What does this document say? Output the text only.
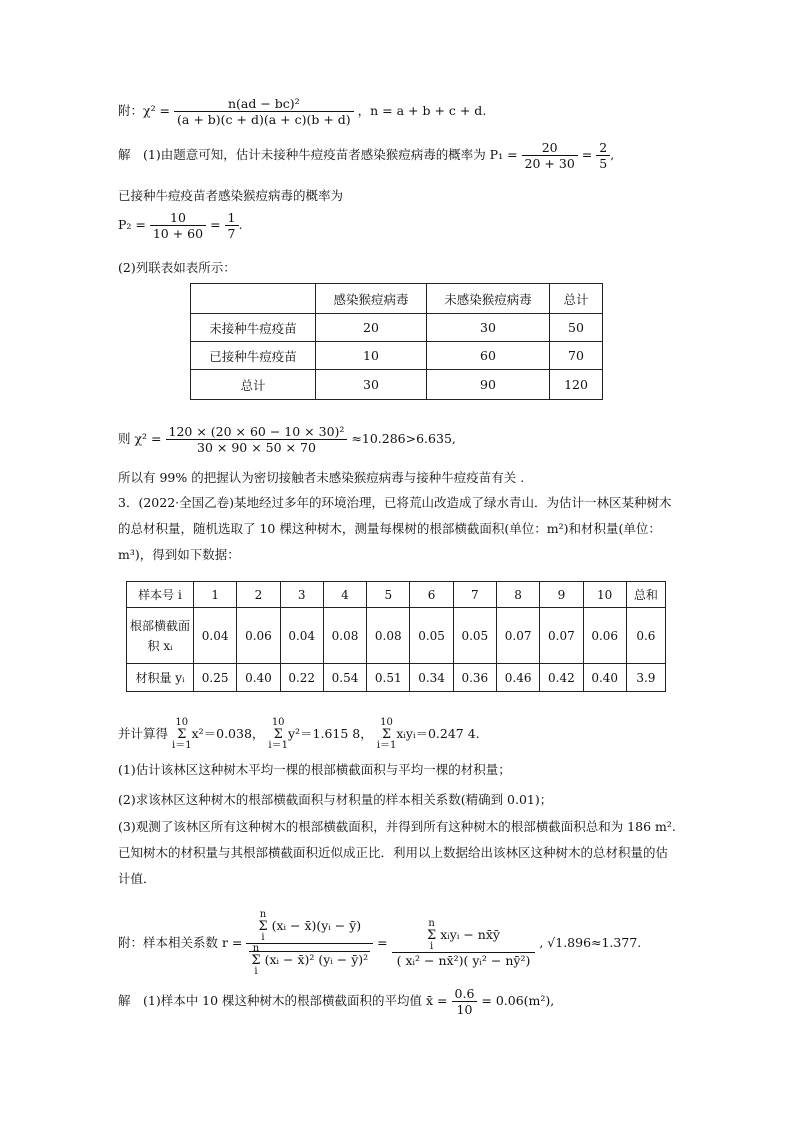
附：$\chi^2 = \frac{\text{n(ad − bc)²}}{(a + b)(c + d)(a + c)(b + d)}$ ，n = a + b + c + d.
解　(1)由题意可知，估计未接种牛痘疫苗者感染猴痘病毒的概率为 $P_1 = \frac{20}{20 + 30} = \frac{2}{5}$ ,
已接种牛痘疫苗者感染猴痘病毒的概率为
$P_2 = \frac{10}{10 + 60} = \frac{1}{7}$ .
(2)列联表如表所示：
	感染猴痘病毒	未感染猴痘病毒	总计
未接种牛痘疫苗	20	30	50
已接种牛痘疫苗	10	60	70
总计	30	90	120
则 $\chi^2 = \frac{\text{120 × (20 × 60 − 10 × 30)²}}{30 \times 90 \times 50 \times 70} \approx 10.286>6.635$,
所以有 99% 的把握认为密切接触者未感染猴痘病毒与接种牛痘疫苗有关 .
3．(2022·全国乙卷)某地经过多年的环境治理，已将荒山改造成了绿水青山．为估计一林区某种树木的总材积量，随机选取了 10 棵这种树木，测量每棵树的根部横截面积(单位：m²)和材积量(单位：m³)，得到如下数据：
样本号 i	1	2	3	4	5	6	7	8	9	10	总和
根部横截面积 xᵢ	0.04	0.06	0.04	0.08	0.08	0.05	0.05	0.07	0.07	0.06	0.6
材积量 yᵢ	0.25	0.40	0.22	0.54	0.51	0.34	0.36	0.46	0.42	0.40	3.9
并计算得 10
Σ
i＝1x²＝0.038， 10
Σ
i＝1y²＝1.615 8， 10
Σ
i＝1xᵢyᵢ＝0.247 4.
(1)估计该林区这种树木平均一棵的根部横截面积与平均一棵的材积量；
(2)求该林区这种树木的根部横截面积与材积量的样本相关系数(精确到 0.01)；
(3)观测了该林区所有这种树木的根部横截面积，并得到所有这种树木的根部横截面积总和为 186 m².已知树木的材积量与其根部横截面积近似成正比．利用以上数据给出该林区这种树木的总材积量的估计值．
附：样本相关系数 r = n
Σ
i (xᵢ − x̄)(yᵢ − ȳ)
n
Σ
i (xᵢ − x̄)² (yᵢ − ȳ)² = n
Σ
i xᵢyᵢ − nx̄ȳ
( xᵢ² − nx̄²)( yᵢ² − nȳ²) , √1.896≈1.377.
解　(1)样本中 10 棵这种树木的根部横截面积的平均值 x̄ = $\frac{0.6}{10} = 0.06(m^2)$,
